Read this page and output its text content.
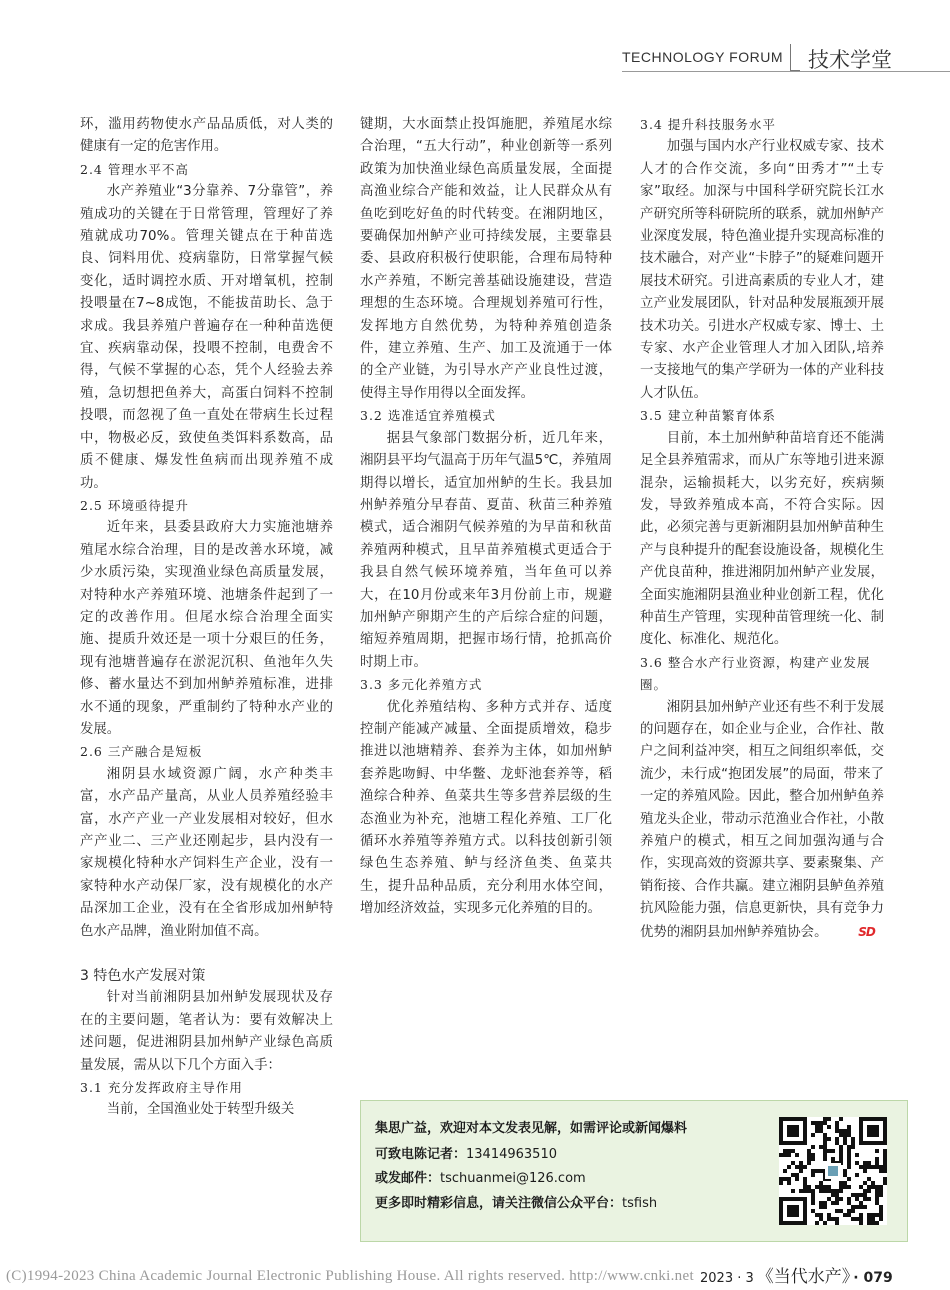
TECHNOLOGY FORUM 技术学堂

环，滥用药物使水产品品质低，对人类的健康有一定的危害作用。

2.4 管理水平不高

水产养殖业“3分靠养、7分靠管”，养殖成功的关键在于日常管理，管理好了养殖就成功70%。管理关键点在于种苗选良、饲料用优、疫病靠防，日常掌握气候变化，适时调控水质、开对增氧机，控制投喂量在7~8成饱，不能拔苗助长、急于求成。我县养殖户普遍存在一种种苗选便宜、疾病靠动保，投喂不控制，电费舍不得，气候不掌握的心态，凭个人经验去养殖，急切想把鱼养大，高蛋白饲料不控制投喂，而忽视了鱼一直处在带病生长过程中，物极必反，致使鱼类饵料系数高，品质不健康、爆发性鱼病而出现养殖不成功。

2.5 环境亟待提升

近年来，县委县政府大力实施池塘养殖尾水综合治理，目的是改善水环境，减少水质污染，实现渔业绿色高质量发展，对特种水产养殖环境、池塘条件起到了一定的改善作用。但尾水综合治理全面实施、提质升效还是一项十分艰巨的任务，现有池塘普遍存在淤泥沉积、鱼池年久失修、蓄水量达不到加州鲈养殖标准，进排水不通的现象，严重制约了特种水产业的发展。

2.6 三产融合是短板

湘阴县水域资源广阔，水产种类丰富，水产品产量高，从业人员养殖经验丰富，水产产业一产业发展相对较好，但水产产业二、三产业还刚起步，县内没有一家规模化特种水产饲料生产企业，没有一家特种水产动保厂家，没有规模化的水产品深加工企业，没有在全省形成加州鲈特色水产品牌，渔业附加值不高。

3 特色水产发展对策

针对当前湘阴县加州鲈发展现状及存在的主要问题，笔者认为：要有效解决上述问题，促进湘阴县加州鲈产业绿色高质量发展，需从以下几个方面入手：

3.1 充分发挥政府主导作用

当前，全国渔业处于转型升级关

键期，大水面禁止投饵施肥，养殖尾水综合治理，“五大行动”，种业创新等一系列政策为加快渔业绿色高质量发展，全面提高渔业综合产能和效益，让人民群众从有鱼吃到吃好鱼的时代转变。在湘阴地区，要确保加州鲈产业可持续发展，主要靠县委、县政府积极行使职能，合理布局特种水产养殖，不断完善基础设施建设，营造理想的生态环境。合理规划养殖可行性，发挥地方自然优势，为特种养殖创造条件，建立养殖、生产、加工及流通于一体的全产业链，为引导水产产业良性过渡，使得主导作用得以全面发挥。

3.2 选准适宜养殖模式

据县气象部门数据分析，近几年来，湘阴县平均气温高于历年气温5℃，养殖周期得以增长，适宜加州鲈的生长。我县加州鲈养殖分早春苗、夏苗、秋苗三种养殖模式，适合湘阴气候养殖的为早苗和秋苗养殖两种模式，且早苗养殖模式更适合于我县自然气候环境养殖，当年鱼可以养大，在10月份或来年3月份前上市，规避加州鲈产卵期产生的产后综合症的问题，缩短养殖周期，把握市场行情，抢抓高价时期上市。

3.3 多元化养殖方式

优化养殖结构、多种方式并存、适度控制产能减产减量、全面提质增效，稳步推进以池塘精养、套养为主体，如加州鲈套养匙吻鲟、中华鳖、龙虾池套养等，稻渔综合种养、鱼菜共生等多营养层级的生态渔业为补充，池塘工程化养殖、工厂化循环水养殖等养殖方式。以科技创新引领绿色生态养殖、鲈与经济鱼类、鱼菜共生，提升品种品质，充分利用水体空间，增加经济效益，实现多元化养殖的目的。

3.4 提升科技服务水平

加强与国内水产行业权威专家、技术人才的合作交流，多向“田秀才”“土专家”取经。加深与中国科学研究院长江水产研究所等科研院所的联系，就加州鲈产业深度发展，特色渔业提升实现高标准的技术融合，对产业“卡脖子”的疑难问题开展技术研究。引进高素质的专业人才，建立产业发展团队，针对品种发展瓶颈开展技术功关。引进水产权威专家、博士、土专家、水产企业管理人才加入团队,培养一支接地气的集产学研为一体的产业科技人才队伍。

3.5 建立种苗繁育体系

目前，本土加州鲈种苗培育还不能满足全县养殖需求，而从广东等地引进来源混杂，运输损耗大，以劣充好，疾病频发，导致养殖成本高，不符合实际。因此，必须完善与更新湘阴县加州鲈苗种生产与良种提升的配套设施设备，规模化生产优良苗种，推进湘阴加州鲈产业发展，全面实施湘阴县渔业种业创新工程，优化种苗生产管理，实现种苗管理统一化、制度化、标准化、规范化。

3.6 整合水产行业资源，构建产业发展圈。

湘阴县加州鲈产业还有些不利于发展的问题存在，如企业与企业，合作社、散户之间利益冲突，相互之间组织率低，交流少，未行成“抱团发展”的局面，带来了一定的养殖风险。因此，整合加州鲈鱼养殖龙头企业，带动示范渔业合作社，小散养殖户的模式，相互之间加强沟通与合作，实现高效的资源共享、要素聚集、产销衔接、合作共赢。建立湘阴县鲈鱼养殖抗风险能力强，信息更新快，具有竞争力优势的湘阴县加州鲈养殖协会。	SD

集思广益，欢迎对本文发表见解，如需评论或新闻爆料
可致电陈记者：13414963510
或发邮件：tschuanmei@126.com
更多即时精彩信息，请关注微信公众平台：tsfish
2023 · 3 《当代水产》 · 079
(C)1994-2023 China Academic Journal Electronic Publishing House. All rights reserved. http://www.cnki.net
